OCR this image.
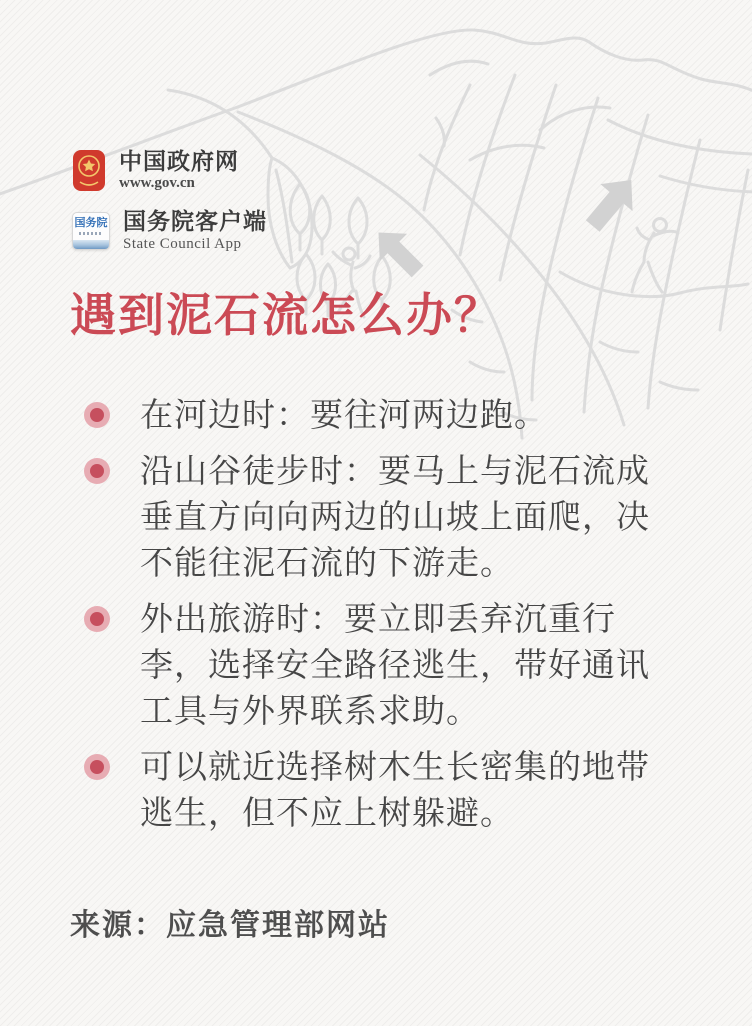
中国政府网
www.gov.cn
国务院 国务院客户端
State Council App
遇到泥石流怎么办？
在河边时：要往河两边跑。
沿山谷徒步时：要马上与泥石流成垂直方向向两边的山坡上面爬，决不能往泥石流的下游走。
外出旅游时：要立即丢弃沉重行李，选择安全路径逃生，带好通讯工具与外界联系求助。
可以就近选择树木生长密集的地带逃生，但不应上树躲避。
来源：应急管理部网站
